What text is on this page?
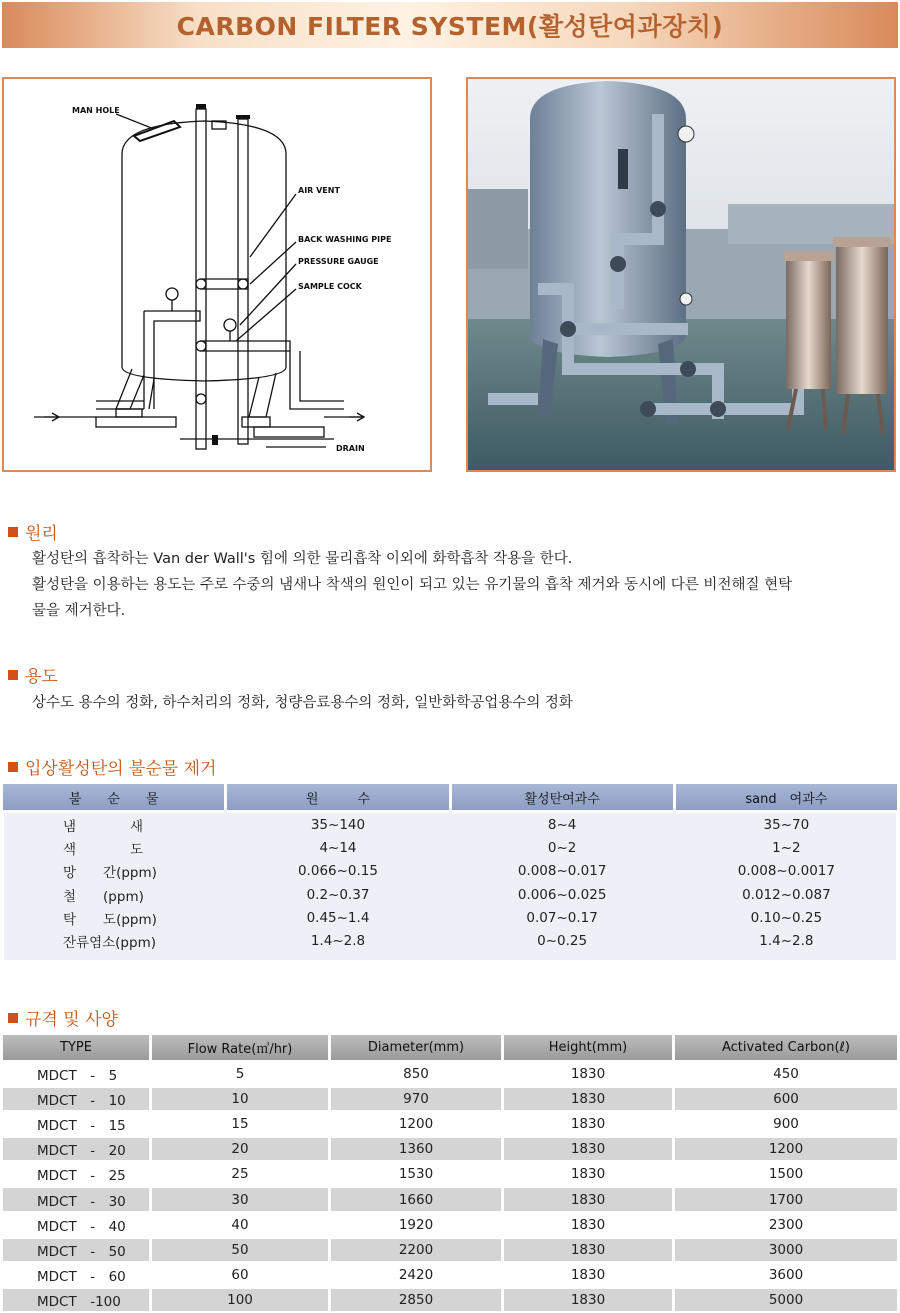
CARBON FILTER SYSTEM(활성탄여과장치)
MAN HOLE
AIR VENT
BACK WASHING PIPE
PRESSURE GAUGE
SAMPLE COCK
DRAIN
원리

활성탄의 흡착하는 Van der Wall's 힘에 의한 물리흡착 이외에 화학흡착 작용을 한다.

활성탄을 이용하는 용도는 주로 수중의 냄새나 착색의 원인이 되고 있는 유기물의 흡착 제거와 동시에 다른 비전해질 현탁

물을 제거한다.

용도

상수도 용수의 정화, 하수처리의 정화, 청량음료용수의 정화, 일반화학공업용수의 정화

입상활성탄의 불순물 제거
불　　순　　물	원　　　수	활성탄여과수	sand　여과수
냄　　　　새	35~140	8~4	35~70
색　　　　도	4~14	0~2	1~2
망　　간(ppm)	0.066~0.15	0.008~0.017	0.008~0.0017
철　　(ppm)	0.2~0.37	0.006~0.025	0.012~0.087
탁　　도(ppm)	0.45~1.4	0.07~0.17	0.10~0.25
잔류염소(ppm)	1.4~2.8	0~0.25	1.4~2.8
규격 및 사양
TYPE	Flow Rate(㎥/hr)	Diameter(mm)	Height(mm)	Activated Carbon(ℓ)
MDCT　-　5	5	850	1830	450
MDCT　-　10	10	970	1830	600
MDCT　-　15	15	1200	1830	900
MDCT　-　20	20	1360	1830	1200
MDCT　-　25	25	1530	1830	1500
MDCT　-　30	30	1660	1830	1700
MDCT　-　40	40	1920	1830	2300
MDCT　-　50	50	2200	1830	3000
MDCT　-　60	60	2420	1830	3600
MDCT　-100	100	2850	1830	5000
